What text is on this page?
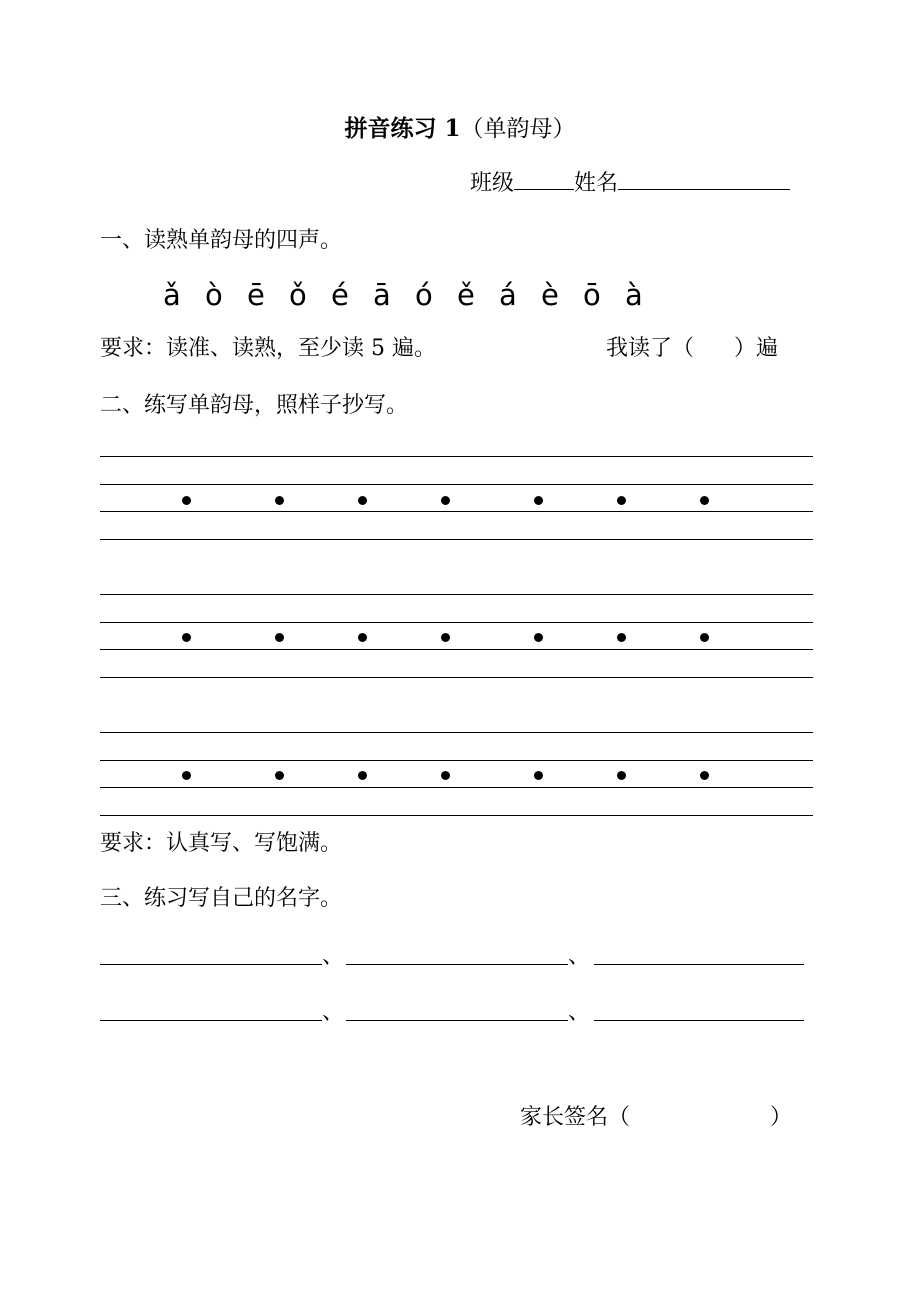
拼音练习 1（单韵母）
班级	姓名
一、读熟单韵母的四声。
ǎ ò ē ǒ é ā ó ě á è ō à
要求：读准、读熟，至少读 5 遍。	我读了（ ）遍
二、练写单韵母，照样子抄写。
要求：认真写、写饱满。
三、练习写自己的名字。
、	、
、	、
家长签名（	）
